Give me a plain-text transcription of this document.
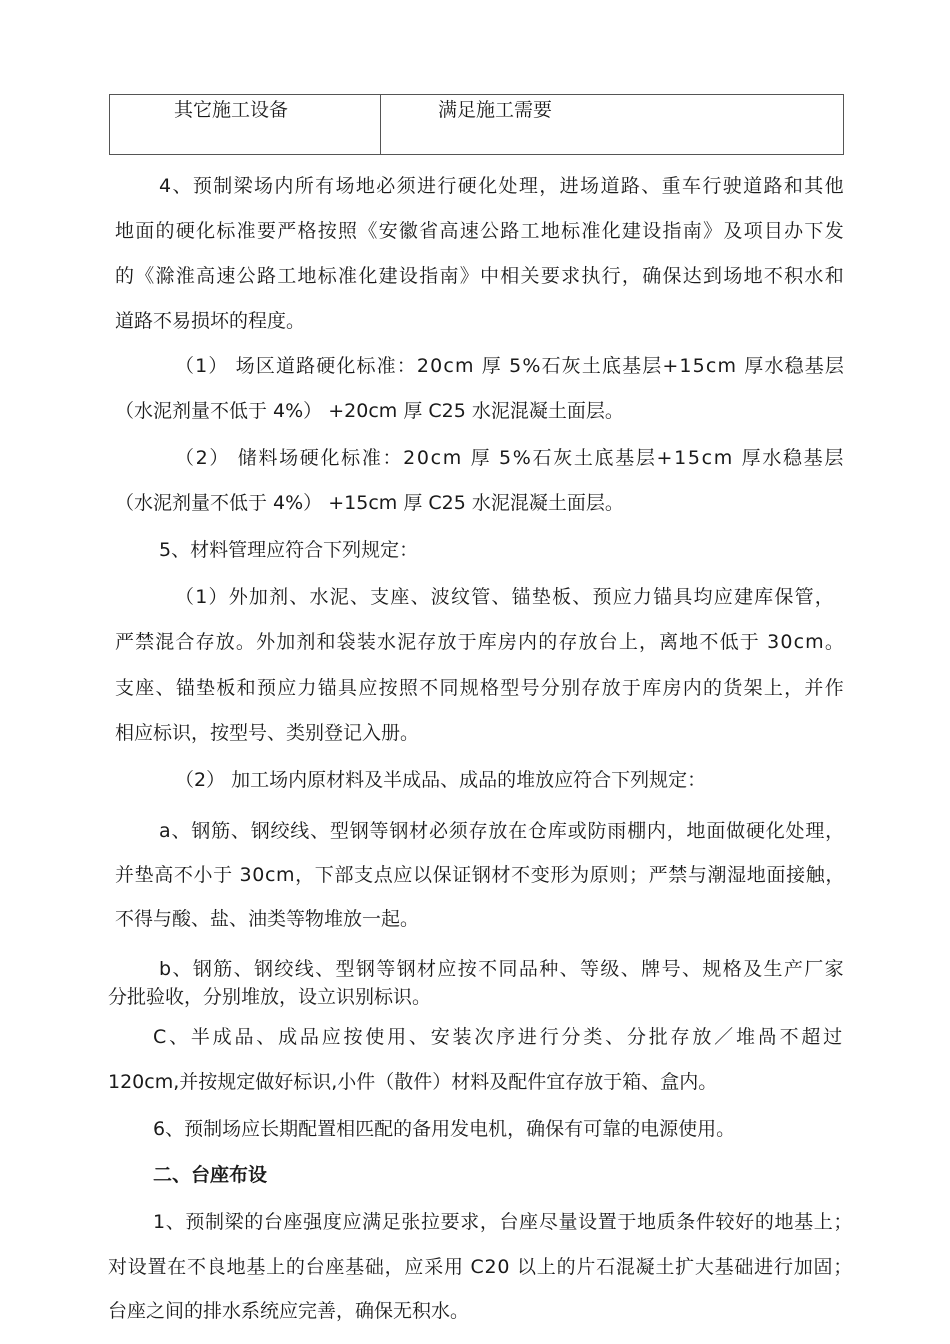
其它施工设备	满足施工需要
4、预制梁场内所有场地必须进行硬化处理，进场道路、重车行驶道路和其他
地面的硬化标准要严格按照《安徽省高速公路工地标准化建设指南》及项目办下发
的《滁淮高速公路工地标准化建设指南》中相关要求执行，确保达到场地不积水和
道路不易损坏的程度。
（1） 场区道路硬化标准：20cm 厚 5%石灰土底基层+15cm 厚水稳基层
（水泥剂量不低于 4%） +20cm 厚 C25 水泥混凝土面层。
（2） 储料场硬化标准：20cm 厚 5%石灰土底基层+15cm 厚水稳基层
（水泥剂量不低于 4%） +15cm 厚 C25 水泥混凝土面层。
5、材料管理应符合下列规定：
（1）外加剂、水泥、支座、波纹管、锚垫板、预应力锚具均应建库保管，
严禁混合存放。外加剂和袋装水泥存放于库房内的存放台上，离地不低于 30cm。
支座、锚垫板和预应力锚具应按照不同规格型号分别存放于库房内的货架上，并作
相应标识，按型号、类别登记入册。
（2） 加工场内原材料及半成品、成品的堆放应符合下列规定：
a、钢筋、钢绞线、型钢等钢材必须存放在仓库或防雨棚内，地面做硬化处理，
并垫高不小于 30cm，下部支点应以保证钢材不变形为原则；严禁与潮湿地面接触，
不得与酸、盐、油类等物堆放一起。
b、钢筋、钢绞线、型钢等钢材应按不同品种、等级、牌号、规格及生产厂家
分批验收，分别堆放，设立识别标识。
C、半成品、成品应按使用、安装次序进行分类、分批存放／堆咼不超过
120cm,并按规定做好标识,小件（散件）材料及配件宜存放于箱、盒内。
6、预制场应长期配置相匹配的备用发电机，确保有可靠的电源使用。
二、台座布设
1、预制梁的台座强度应满足张拉要求，台座尽量设置于地质条件较好的地基上；
对设置在不良地基上的台座基础，应采用 C20 以上的片石混凝土扩大基础进行加固；
台座之间的排水系统应完善，确保无积水。
